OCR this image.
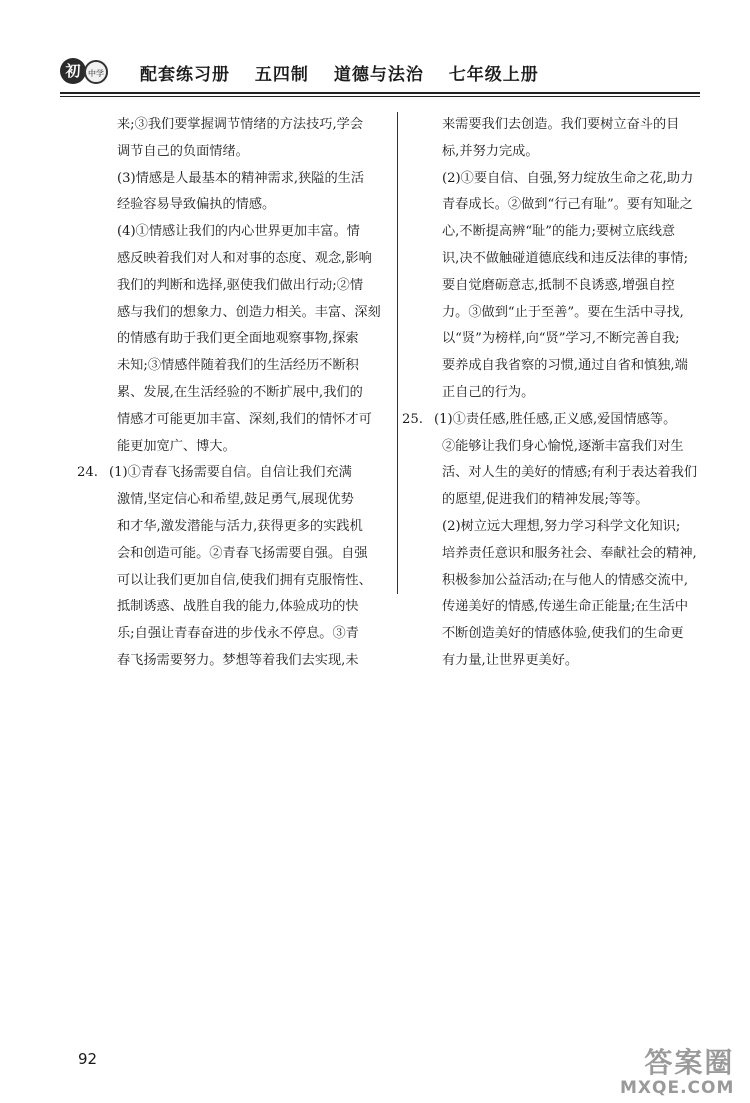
初 中学 配套练习册 五四制 道德与法治 七年级上册
来;③我们要掌握调节情绪的方法技巧,学会
调节自己的负面情绪。
(3)情感是人最基本的精神需求,狭隘的生活
经验容易导致偏执的情感。
(4)①情感让我们的内心世界更加丰富。情
感反映着我们对人和对事的态度、观念,影响
我们的判断和选择,驱使我们做出行动;②情
感与我们的想象力、创造力相关。丰富、深刻
的情感有助于我们更全面地观察事物,探索
未知;③情感伴随着我们的生活经历不断积
累、发展,在生活经验的不断扩展中,我们的
情感才可能更加丰富、深刻,我们的情怀才可
能更加宽广、博大。
24. (1)①青春飞扬需要自信。自信让我们充满
激情,坚定信心和希望,鼓足勇气,展现优势
和才华,激发潜能与活力,获得更多的实践机
会和创造可能。②青春飞扬需要自强。自强
可以让我们更加自信,使我们拥有克服惰性、
抵制诱惑、战胜自我的能力,体验成功的快
乐;自强让青春奋进的步伐永不停息。③青
春飞扬需要努力。梦想等着我们去实现,未
来需要我们去创造。我们要树立奋斗的目
标,并努力完成。
(2)①要自信、自强,努力绽放生命之花,助力
青春成长。②做到“行己有耻”。要有知耻之
心,不断提高辨“耻”的能力;要树立底线意
识,决不做触碰道德底线和违反法律的事情;
要自觉磨砺意志,抵制不良诱惑,增强自控
力。③做到“止于至善”。要在生活中寻找,
以“贤”为榜样,向“贤”学习,不断完善自我;
要养成自我省察的习惯,通过自省和慎独,端
正自己的行为。
25. (1)①责任感,胜任感,正义感,爱国情感等。
②能够让我们身心愉悦,逐渐丰富我们对生
活、对人生的美好的情感;有利于表达着我们
的愿望,促进我们的精神发展;等等。
(2)树立远大理想,努力学习科学文化知识;
培养责任意识和服务社会、奉献社会的精神,
积极参加公益活动;在与他人的情感交流中,
传递美好的情感,传递生命正能量;在生活中
不断创造美好的情感体验,使我们的生命更
有力量,让世界更美好。
92	答案圈
MXQE.COM
